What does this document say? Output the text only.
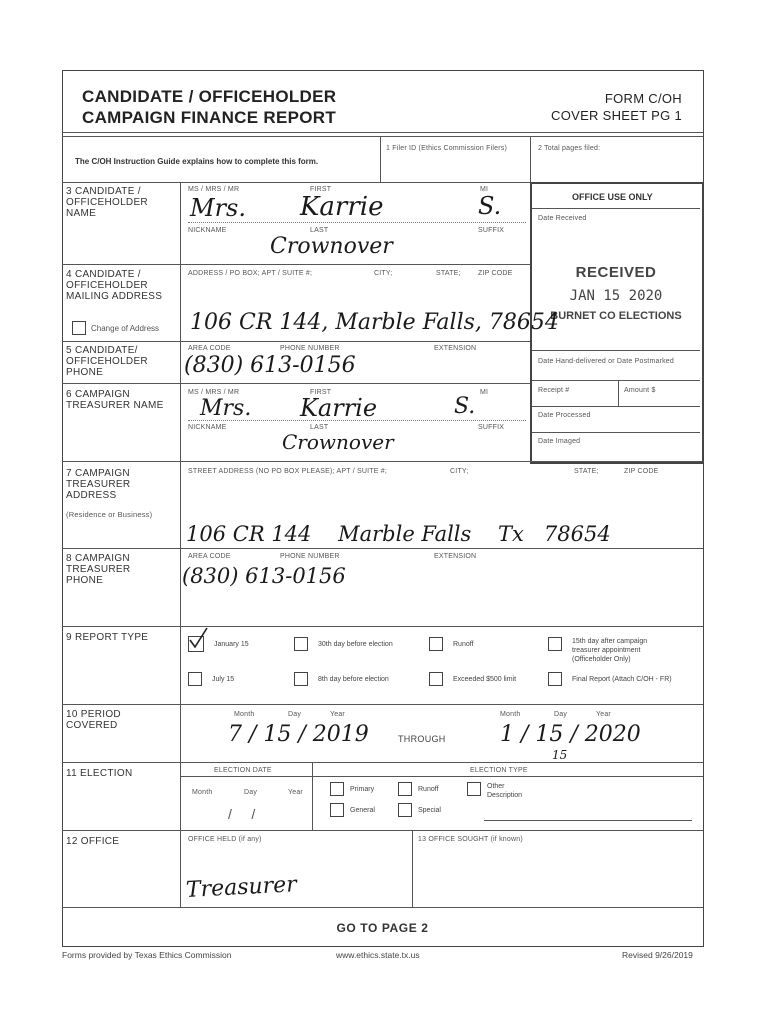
CANDIDATE / OFFICEHOLDER
CAMPAIGN FINANCE REPORT
FORM C/OH
COVER SHEET PG 1
The C/OH Instruction Guide explains how to complete this form.
1 Filer ID (Ethics Commission Filers)	2 Total pages filed:
OFFICE USE ONLY
Date Received
RECEIVED
JAN 15 2020
BURNET CO ELECTIONS
Date Hand-delivered or Date Postmarked
Receipt #	Amount $
Date Processed
Date Imaged
3 CANDIDATE / OFFICEHOLDER NAME
MS / MRS / MR	FIRST	MI
Mrs. Karrie	S.
NICKNAME	LAST	SUFFIX
Crownover
4 CANDIDATE / OFFICEHOLDER MAILING ADDRESS
Change of Address
ADDRESS / PO BOX; APT / SUITE #;	CITY;	STATE; ZIP CODE
106 CR 144, Marble Falls, 78654
5 CANDIDATE/ OFFICEHOLDER PHONE
AREA CODE	PHONE NUMBER	EXTENSION
(830) 613-0156
6 CAMPAIGN TREASURER NAME
MS / MRS / MR	FIRST	MI
Mrs. Karrie	S.
NICKNAME	LAST	SUFFIX
Crownover
7 CAMPAIGN TREASURER ADDRESS
(Residence or Business)
STREET ADDRESS (NO PO BOX PLEASE); APT / SUITE #;	CITY;	STATE;	ZIP CODE
106 CR 144    Marble Falls    Tx   78654
8 CAMPAIGN TREASURER PHONE
AREA CODE	PHONE NUMBER	EXTENSION
(830) 613-0156
9 REPORT TYPE
January 15	30th day before election	Runoff	15th day after campaign
treasurer appointment
(Officeholder Only)
July 15	8th day before election	Exceeded $500 limit	Final Report (Attach C/OH - FR)
10 PERIOD COVERED
Month	Day	Year
7 / 15 / 2019	THROUGH
Month	Day	Year
1 / 15 / 2020
15
11 ELECTION	ELECTION DATE
Month	Day	Year
/     /
ELECTION TYPE
Primary	Runoff	Other
Description
General	Special
12 OFFICE	OFFICE HELD (if any)
Treasurer
13 OFFICE SOUGHT (if known)
GO TO PAGE 2
Forms provided by Texas Ethics Commission	www.ethics.state.tx.us	Revised 9/26/2019
